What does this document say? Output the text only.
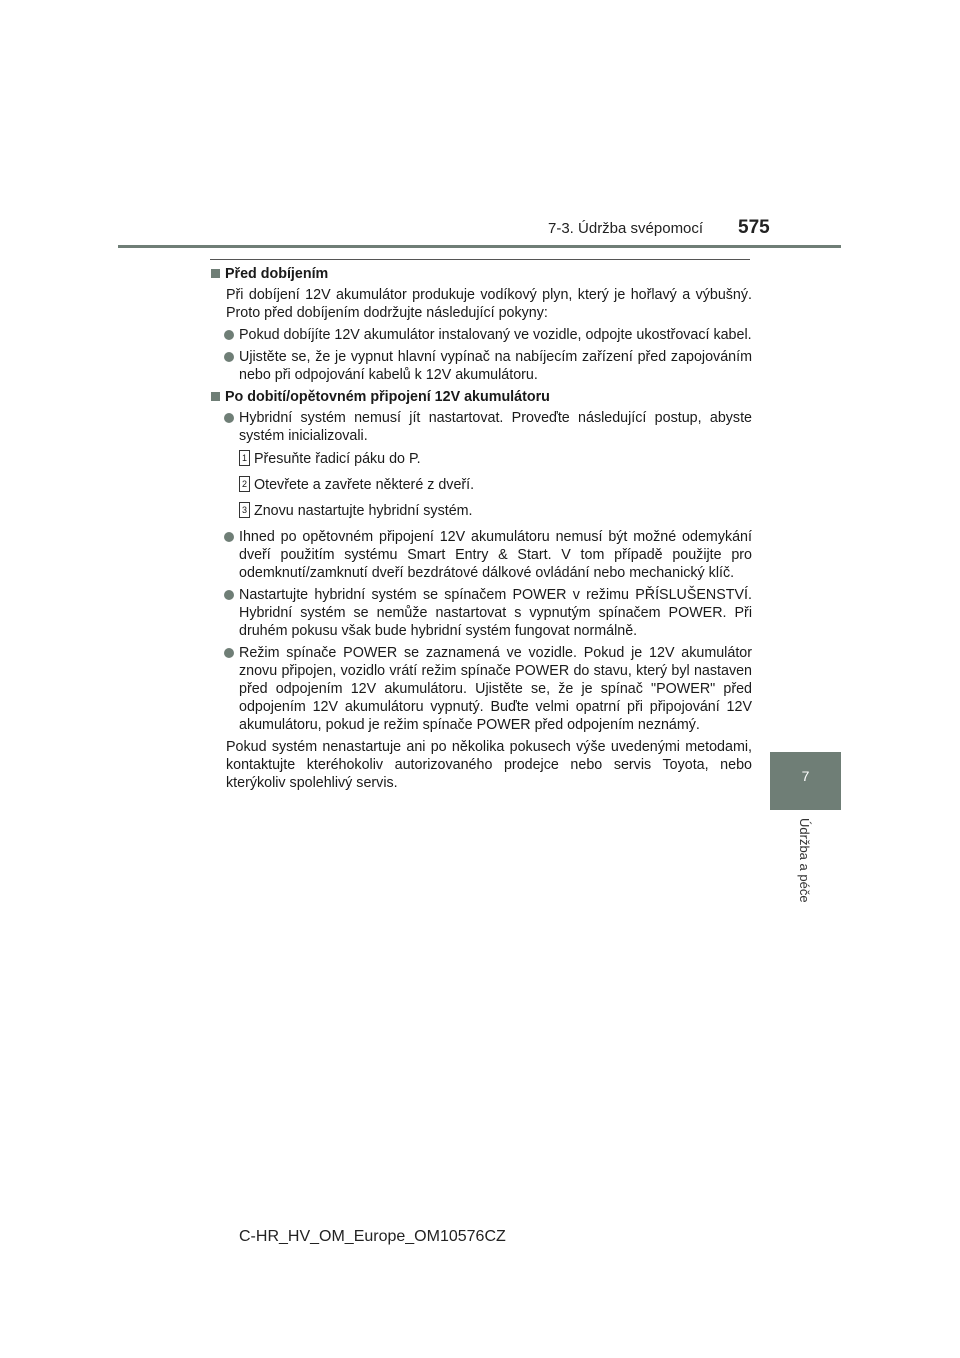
7-3. Údržba svépomocí 575
7
Údržba a péče
Před dobíjením
Při dobíjení 12V akumulátor produkuje vodíkový plyn, který je hořlavý a výbušný. Proto před dobíjením dodržujte následující pokyny:
Pokud dobíjíte 12V akumulátor instalovaný ve vozidle, odpojte ukostřovací kabel.
Ujistěte se, že je vypnut hlavní vypínač na nabíjecím zařízení před zapojováním nebo při odpojování kabelů k 12V akumulátoru.
Po dobití/opětovném připojení 12V akumulátoru
Hybridní systém nemusí jít nastartovat. Proveďte následující postup, abyste systém inicializovali.
1 Přesuňte řadicí páku do P.
2 Otevřete a zavřete některé z dveří.
3 Znovu nastartujte hybridní systém.
Ihned po opětovném připojení 12V akumulátoru nemusí být možné odemykání dveří použitím systému Smart Entry & Start. V tom případě použijte pro odemknutí/zamknutí dveří bezdrátové dálkové ovládání nebo mechanický klíč.
Nastartujte hybridní systém se spínačem POWER v režimu PŘÍSLUŠENSTVÍ. Hybridní systém se nemůže nastartovat s vypnutým spínačem POWER. Při druhém pokusu však bude hybridní systém fungovat normálně.
Režim spínače POWER se zaznamená ve vozidle. Pokud je 12V akumulátor znovu připojen, vozidlo vrátí režim spínače POWER do stavu, který byl nastaven před odpojením 12V akumulátoru. Ujistěte se, že je spínač "POWER" před odpojením 12V akumulátoru vypnutý. Buďte velmi opatrní při připojování 12V akumulátoru, pokud je režim spínače POWER před odpojením neznámý.
Pokud systém nenastartuje ani po několika pokusech výše uvedenými metodami, kontaktujte kteréhokoliv autorizovaného prodejce nebo servis Toyota, nebo kterýkoliv spolehlivý servis.
C-HR_HV_OM_Europe_OM10576CZ
